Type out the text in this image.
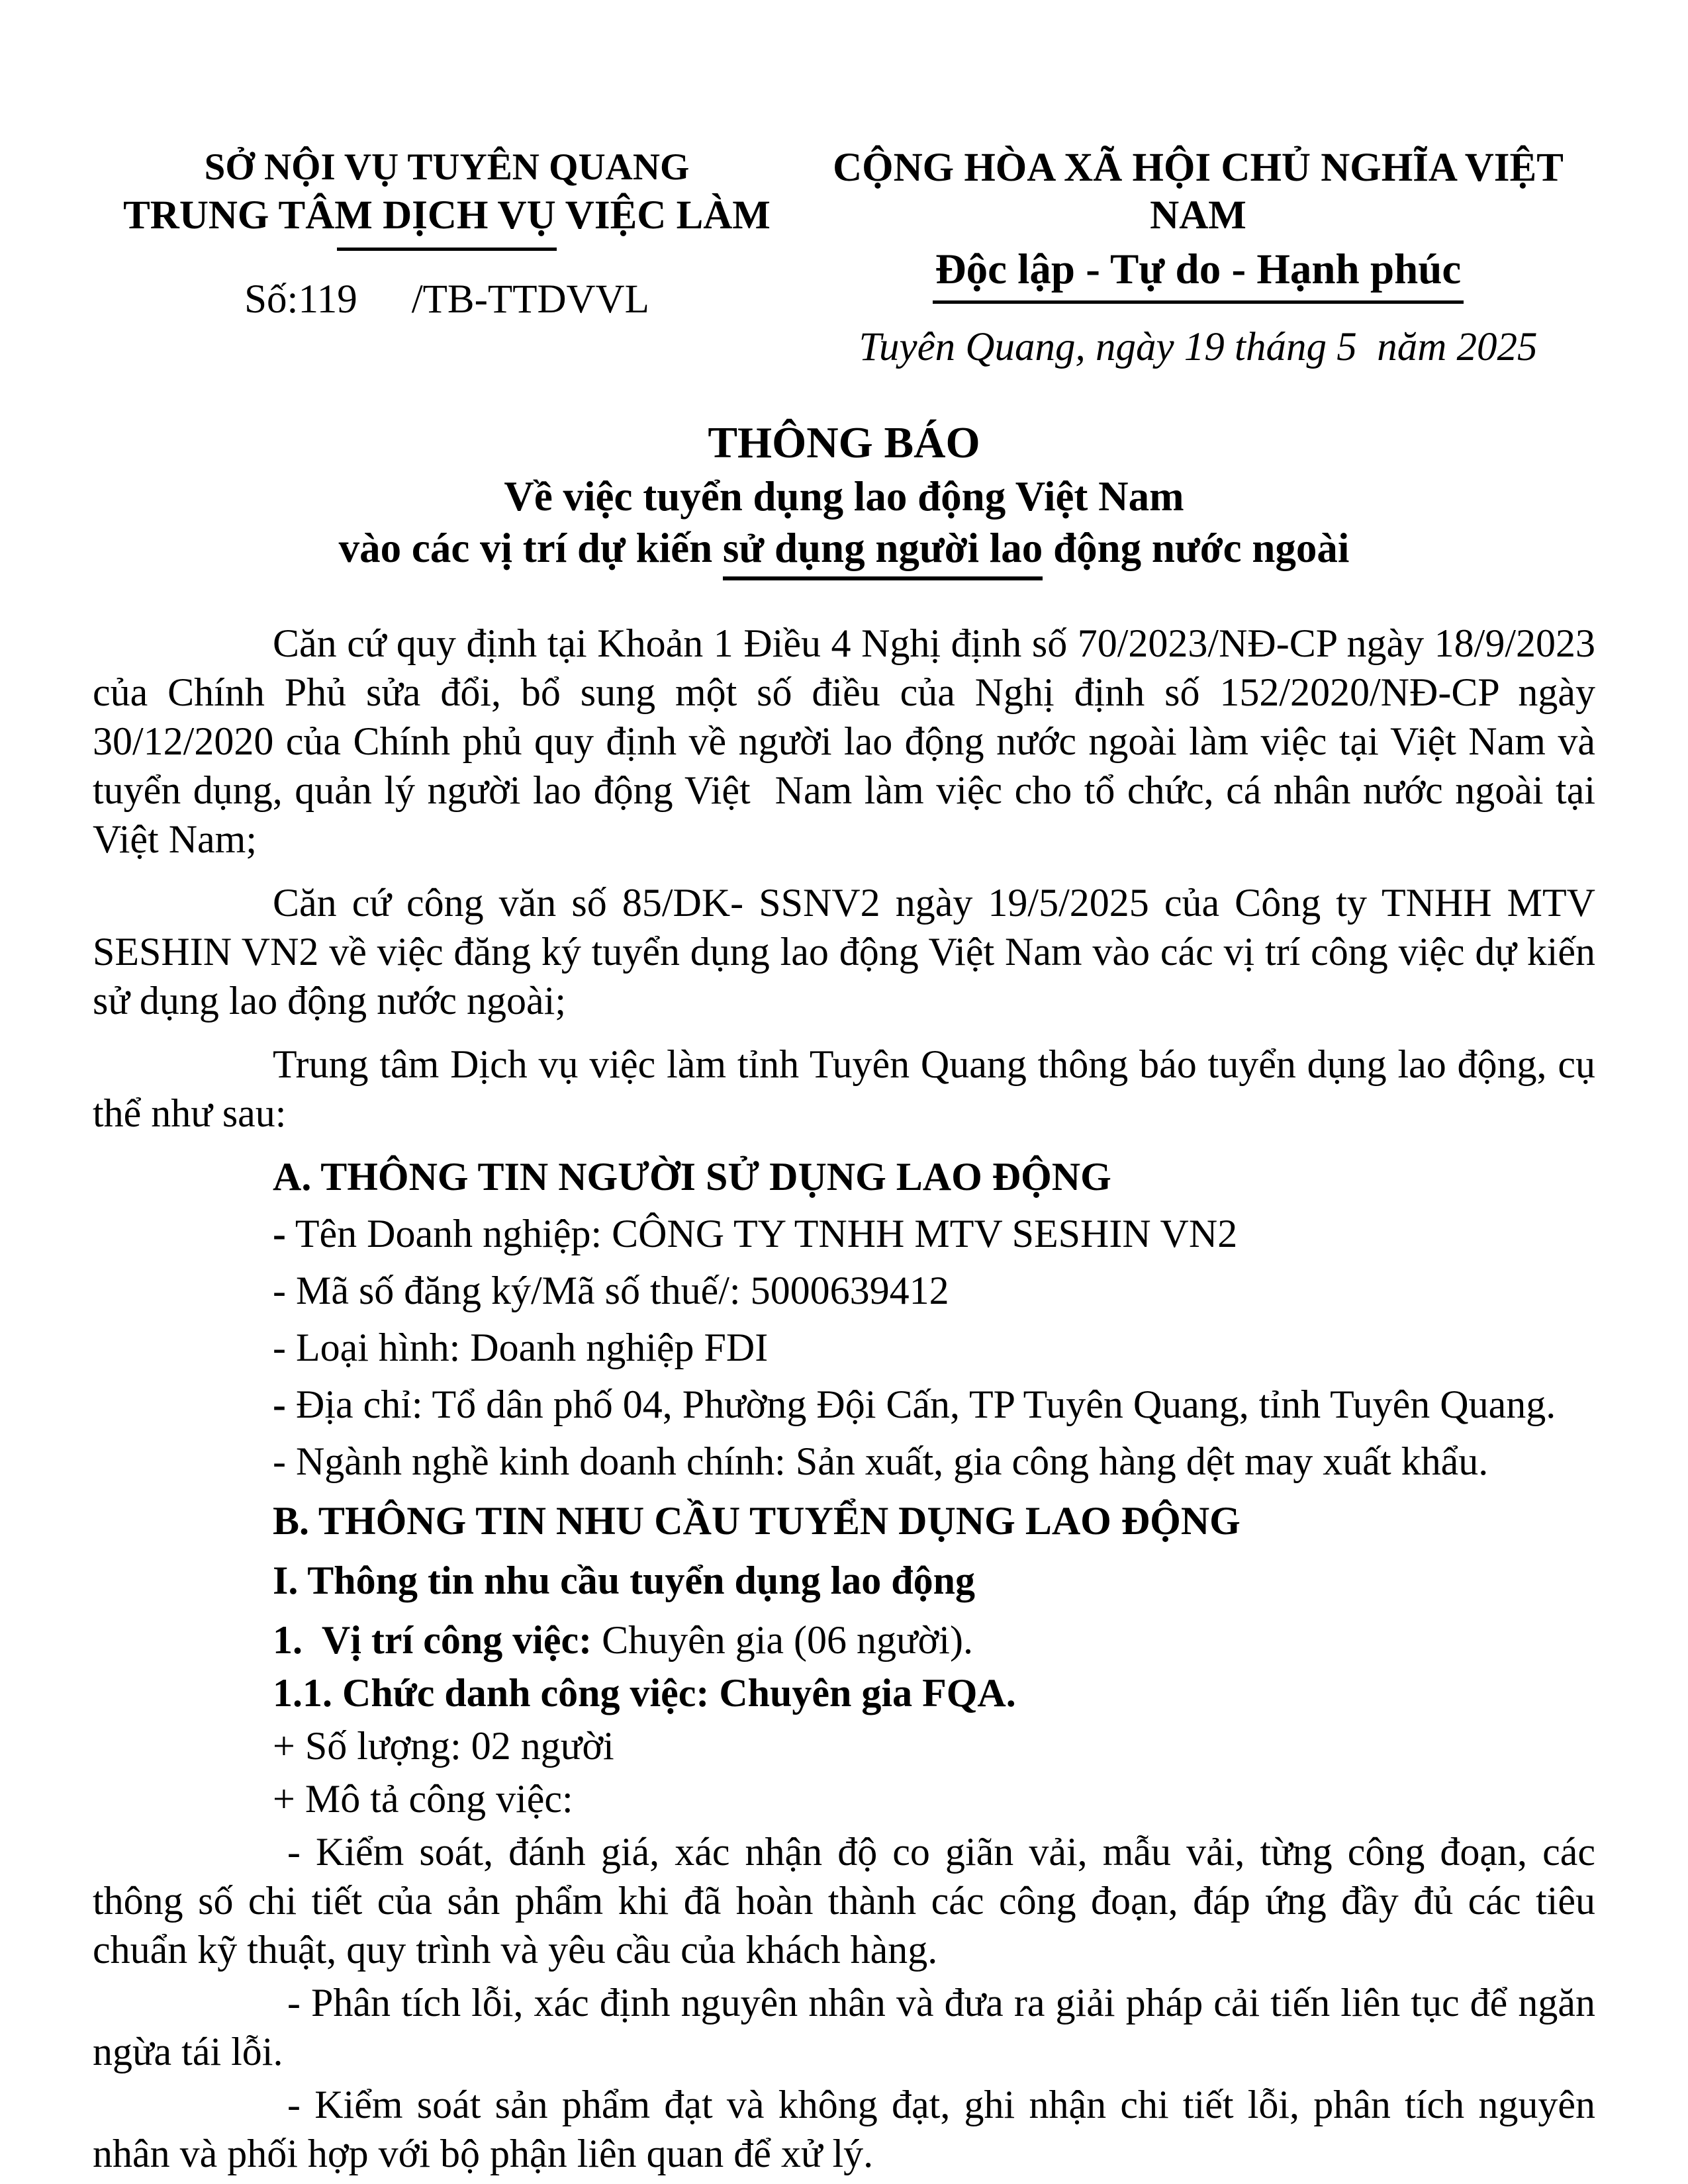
SỞ NỘI VỤ TUYÊN QUANG
TRUNG TÂM DỊCH VỤ VIỆC LÀM
Số:119 /TB-TTDVVL
CỘNG HÒA XÃ HỘI CHỦ NGHĨA VIỆT NAM
Độc lập - Tự do - Hạnh phúc
Tuyên Quang, ngày 19 tháng 5  năm 2025
THÔNG BÁO
Về việc tuyển dụng lao động Việt Nam
vào các vị trí dự kiến sử dụng người lao động nước ngoài

Căn cứ quy định tại Khoản 1 Điều 4 Nghị định số 70/2023/NĐ-CP ngày 18/9/2023 của Chính Phủ sửa đổi, bổ sung một số điều của Nghị định số 152/2020/NĐ-CP ngày 30/12/2020 của Chính phủ quy định về người lao động nước ngoài làm việc tại Việt Nam và tuyển dụng, quản lý người lao động Việt  Nam làm việc cho tổ chức, cá nhân nước ngoài tại Việt Nam;

Căn cứ công văn số 85/DK- SSNV2 ngày 19/5/2025 của Công ty TNHH MTV SESHIN VN2 về việc đăng ký tuyển dụng lao động Việt Nam vào các vị trí công việc dự kiến sử dụng lao động nước ngoài;

Trung tâm Dịch vụ việc làm tỉnh Tuyên Quang thông báo tuyển dụng lao động, cụ thể như sau:

A. THÔNG TIN NGƯỜI SỬ DỤNG LAO ĐỘNG

- Tên Doanh nghiệp: CÔNG TY TNHH MTV SESHIN VN2

- Mã số đăng ký/Mã số thuế/: 5000639412

- Loại hình: Doanh nghiệp FDI

- Địa chỉ: Tổ dân phố 04, Phường Đội Cấn, TP Tuyên Quang, tỉnh Tuyên Quang.

- Ngành nghề kinh doanh chính: Sản xuất, gia công hàng dệt may xuất khẩu.

B. THÔNG TIN NHU CẦU TUYỂN DỤNG LAO ĐỘNG

I. Thông tin nhu cầu tuyển dụng lao động

1.  Vị trí công việc: Chuyên gia (06 người).

1.1. Chức danh công việc: Chuyên gia FQA.

+ Số lượng: 02 người

+ Mô tả công việc:

- Kiểm soát, đánh giá, xác nhận độ co giãn vải, mẫu vải, từng công đoạn, các thông số chi tiết của sản phẩm khi đã hoàn thành các công đoạn, đáp ứng đầy đủ các tiêu chuẩn kỹ thuật, quy trình và yêu cầu của khách hàng.

- Phân tích lỗi, xác định nguyên nhân và đưa ra giải pháp cải tiến liên tục để ngăn ngừa tái lỗi.

- Kiểm soát sản phẩm đạt và không đạt, ghi nhận chi tiết lỗi, phân tích nguyên nhân và phối hợp với bộ phận liên quan để xử lý.
